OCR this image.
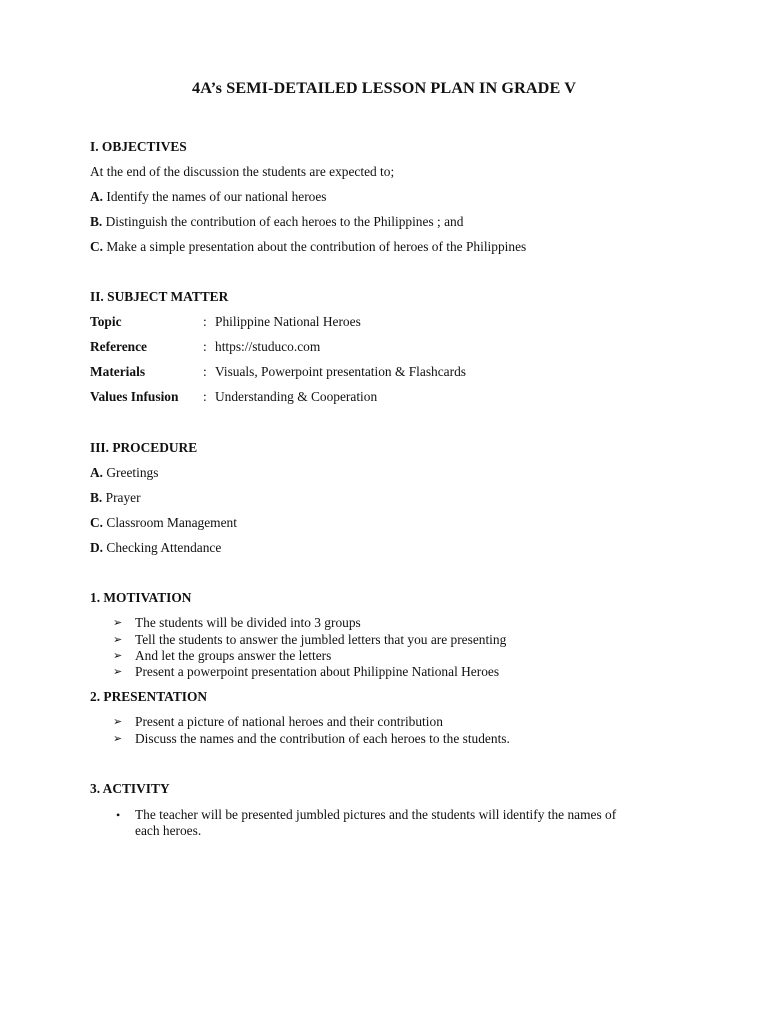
4A’s SEMI-DETAILED LESSON PLAN IN GRADE V
I. OBJECTIVES
At the end of the discussion the students are expected to;
A. Identify the names of our national heroes
B. Distinguish the contribution of each heroes to the Philippines ; and
C. Make a simple presentation about the contribution of heroes of the Philippines
II. SUBJECT MATTER
Topic	: Philippine National Heroes
Reference	: https://studuco.com
Materials	: Visuals, Powerpoint presentation & Flashcards
Values Infusion : Understanding & Cooperation
III. PROCEDURE
A. Greetings
B. Prayer
C. Classroom Management
D. Checking Attendance
1. MOTIVATION
➢ The students will be divided into 3 groups
➢ Tell the students to answer the jumbled letters that you are presenting
➢ And let the groups answer the letters
➢ Present a powerpoint presentation about Philippine National Heroes
2. PRESENTATION
➢ Present a picture of national heroes and their contribution
➢ Discuss the names and the contribution of each heroes to the students.
3. ACTIVITY
• The teacher will be presented jumbled pictures and the students will identify the names of
each heroes.
